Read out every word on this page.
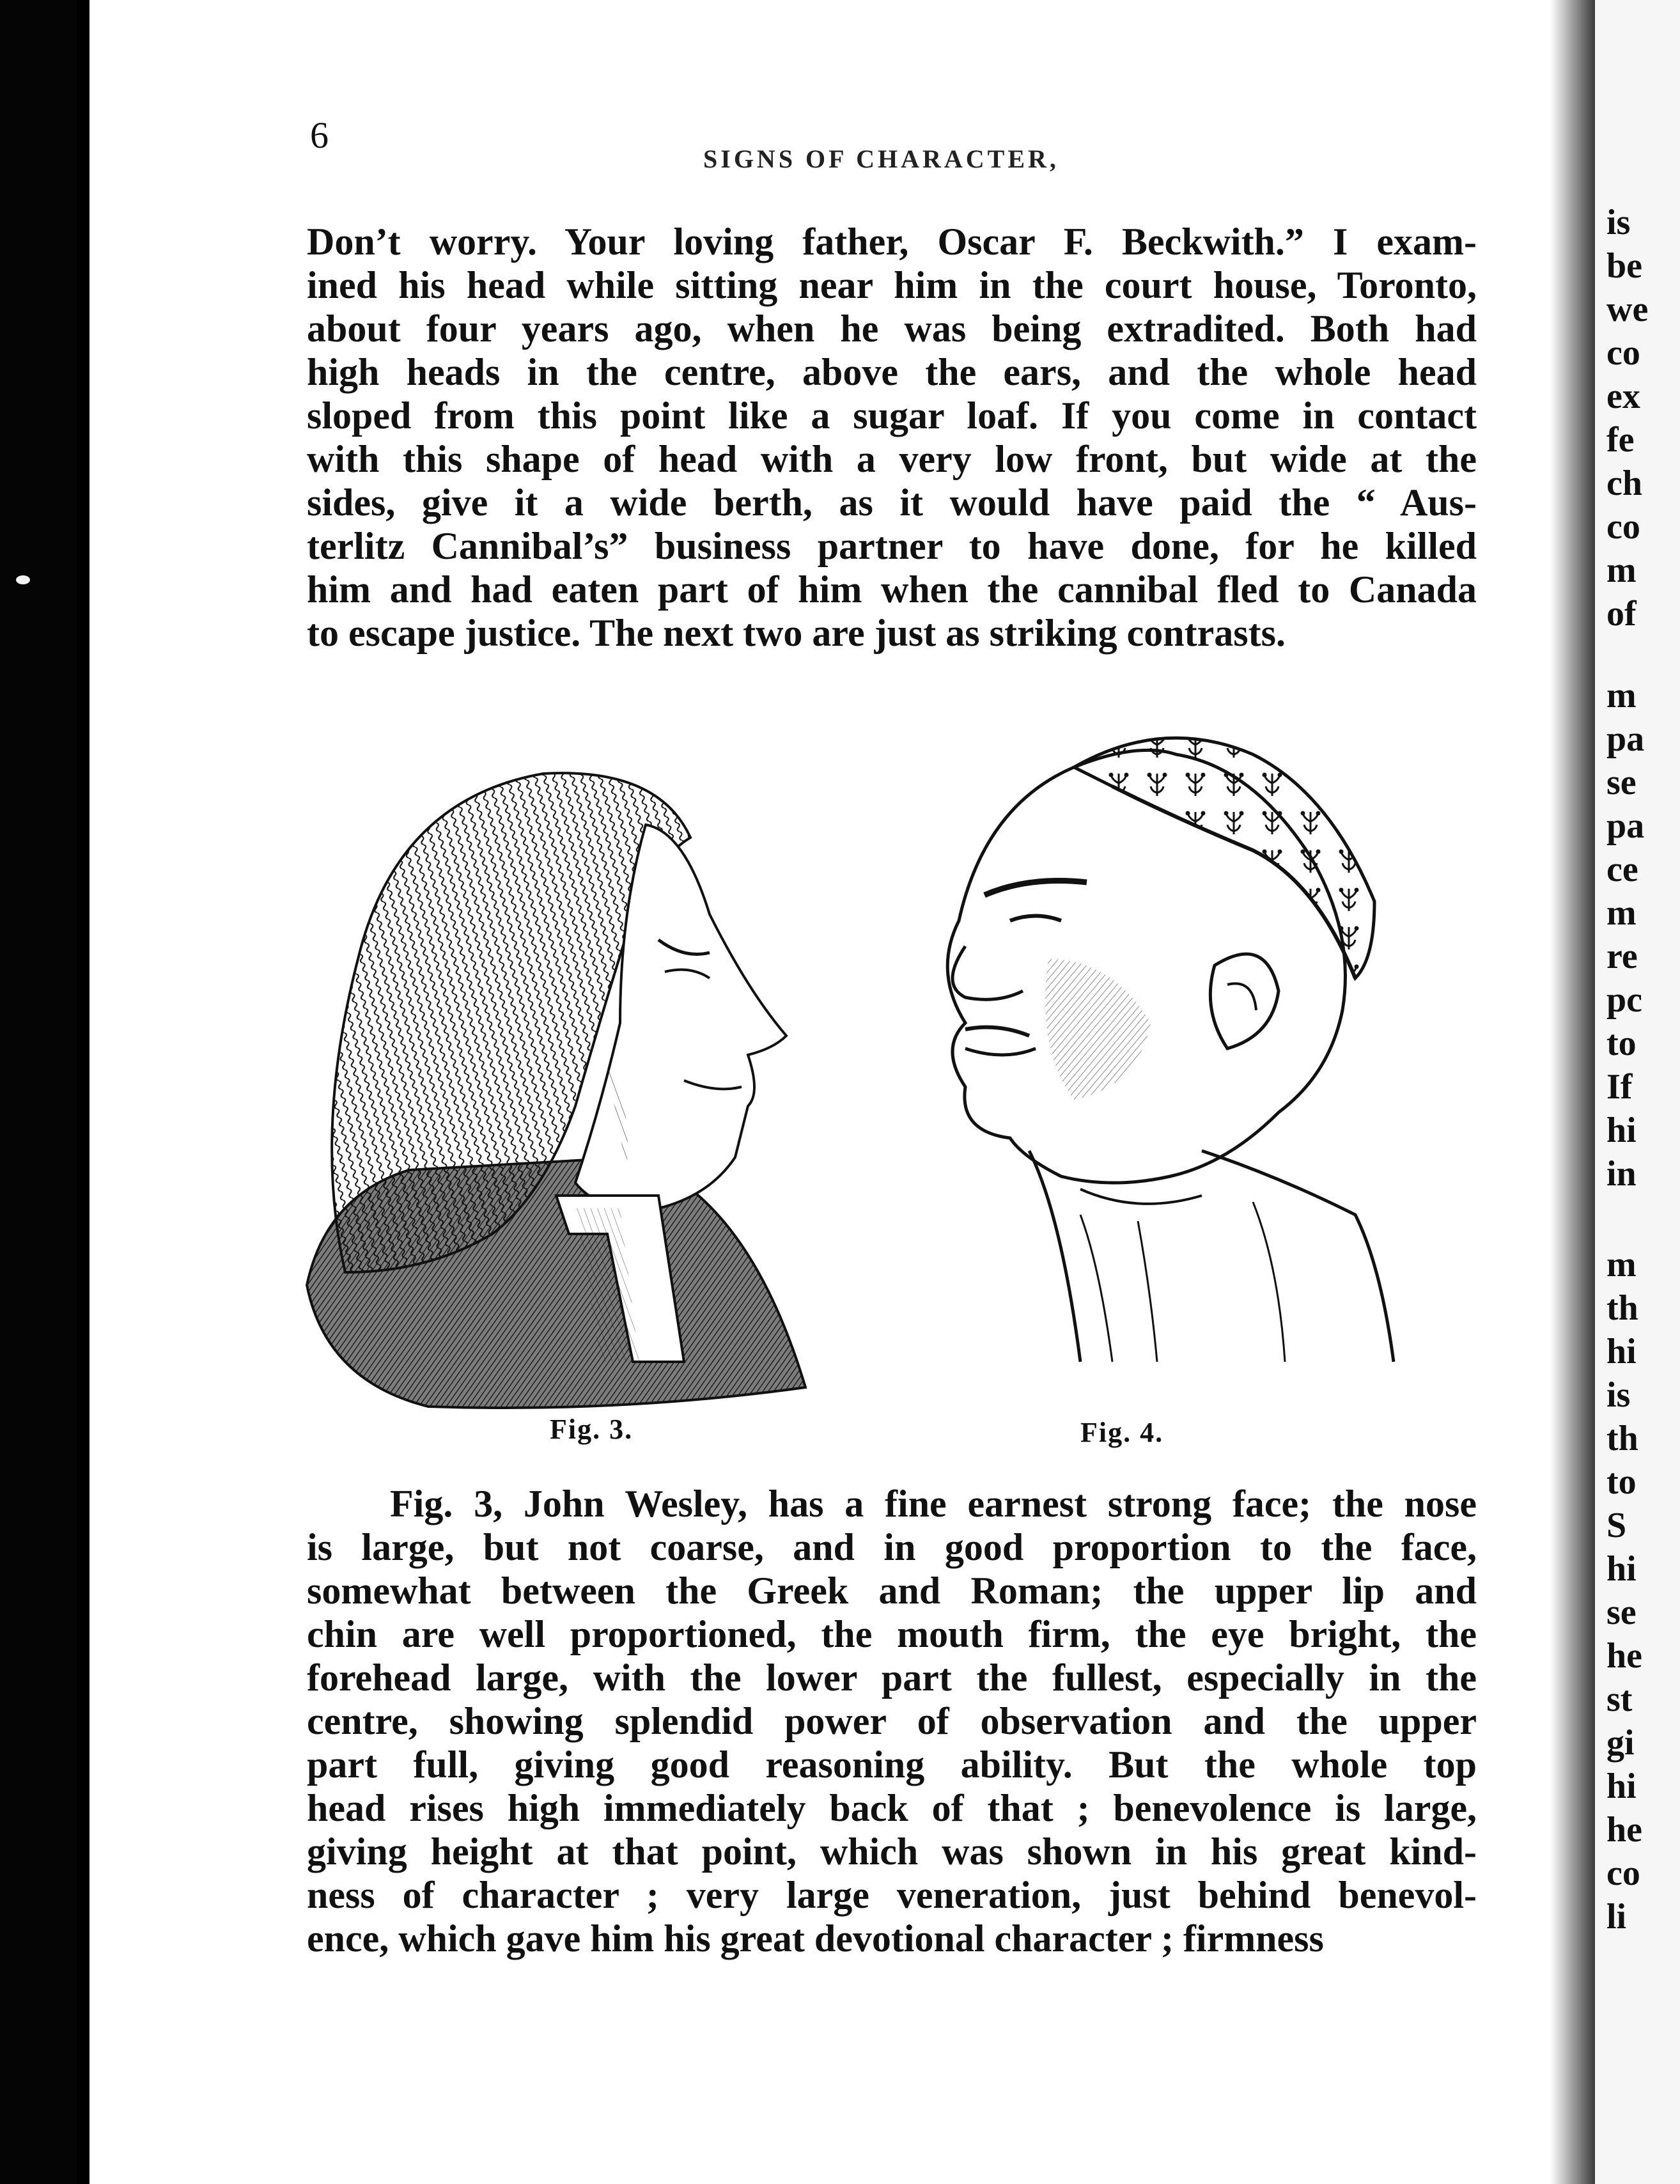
is
be
we
co
ex
fe
ch
co
m
of
m
pa
se
pa
ce
m
re
pc
to
If
hi
in
m
th
hi
is
th
to
S
hi
se
he
st
gi
hi
he
co
li
6
SIGNS OF CHARACTER,
Don’t worry. Your loving father, Oscar F. Beckwith.” I exam-
ined his head while sitting near him in the court house, Toronto,
about four years ago, when he was being extradited. Both had
high heads in the centre, above the ears, and the whole head
sloped from this point like a sugar loaf. If you come in contact
with this shape of head with a very low front, but wide at the
sides, give it a wide berth, as it would have paid the “ Aus-
terlitz Cannibal’s” business partner to have done, for he killed
him and had eaten part of him when the cannibal fled to Canada
to escape justice. The next two are just as striking contrasts.
Fig. 3.	Fig. 4.
Fig. 3, John Wesley, has a fine earnest strong face; the nose
is large, but not coarse, and in good proportion to the face,
somewhat between the Greek and Roman; the upper lip and
chin are well proportioned, the mouth firm, the eye bright, the
forehead large, with the lower part the fullest, especially in the
centre, showing splendid power of observation and the upper
part full, giving good reasoning ability. But the whole top
head rises high immediately back of that ; benevolence is large,
giving height at that point, which was shown in his great kind-
ness of character ; very large veneration, just behind benevol-
ence, which gave him his great devotional character ; firmness
